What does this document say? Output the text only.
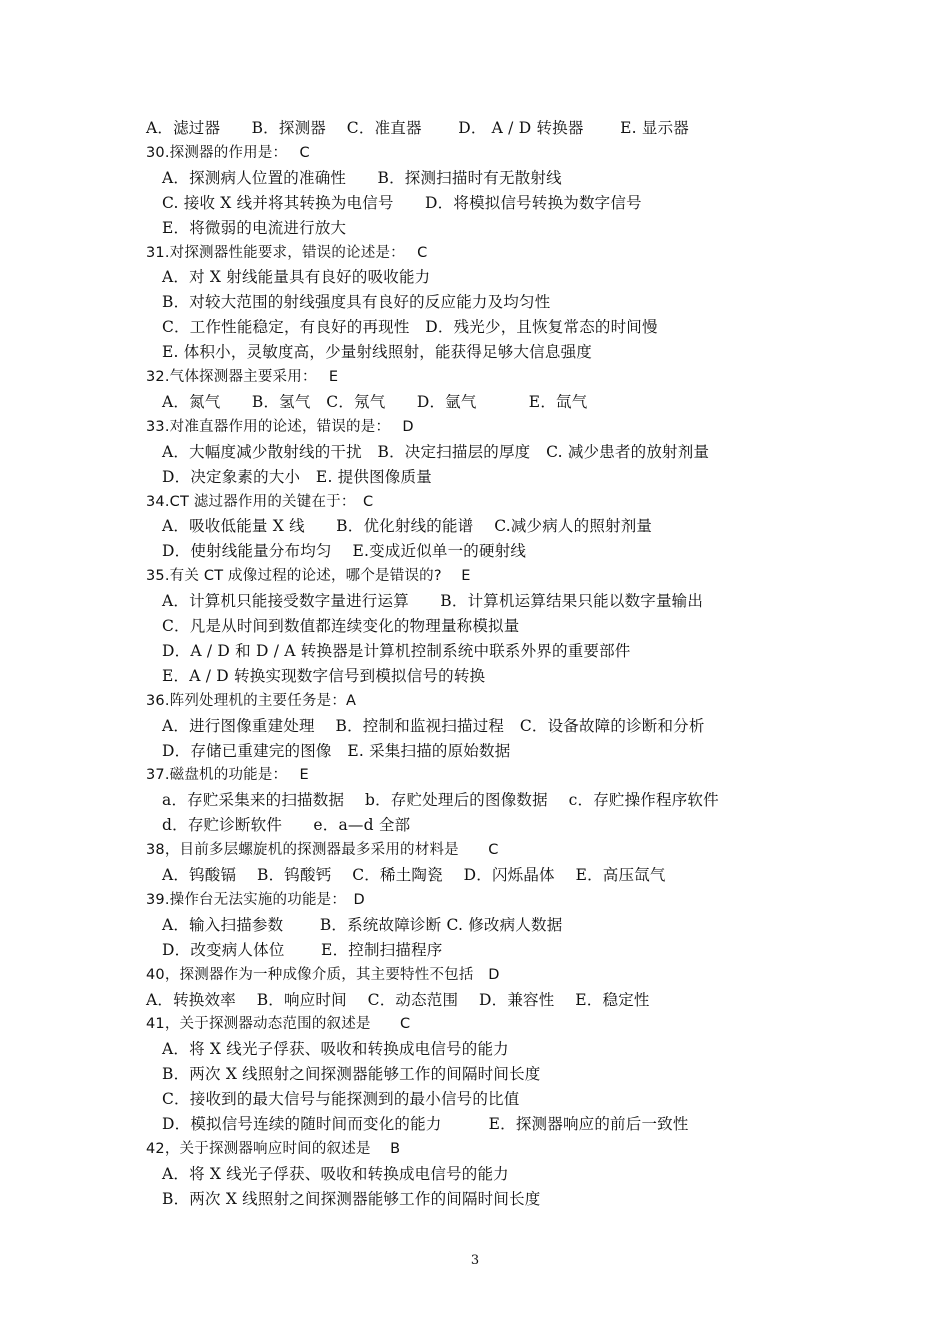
A．滤过器　　B．探测器　 C．准直器　　 D． A / D 转换器　　 E. 显示器
30.探测器的作用是：　 C
A．探测病人位置的准确性　　B．探测扫描时有无散射线
C. 接收 X 线并将其转换为电信号　　D．将模拟信号转换为数字信号
E．将微弱的电流进行放大
31.对探测器性能要求，错误的论述是：　 C
A．对 X 射线能量具有良好的吸收能力
B．对较大范围的射线强度具有良好的反应能力及均匀性
C．工作性能稳定，有良好的再现性　D．残光少，且恢复常态的时间慢
E. 体积小，灵敏度高，少量射线照射，能获得足够大信息强度
32.气体探测器主要采用：　 E
A．氮气　　B．氢气　C．氖气　　D．氩气　　　 E．氙气
33.对准直器作用的论述，错误的是：　 D
A．大幅度减少散射线的干扰　B．决定扫描层的厚度　C. 减少患者的放射剂量
D．决定象素的大小　E. 提供图像质量
34.CT 滤过器作用的关键在于：　C
A．吸收低能量 X 线　　B．优化射线的能谱　 C.减少病人的照射剂量
D．使射线能量分布均匀　 E.变成近似单一的硬射线
35.有关 CT 成像过程的论述，哪个是错误的?　 E
A．计算机只能接受数字量进行运算　　B．计算机运算结果只能以数字量输出
C．凡是从时间到数值都连续变化的物理量称模拟量
D．A / D 和 D / A 转换器是计算机控制系统中联系外界的重要部件
E．A / D 转换实现数字信号到模拟信号的转换
36.阵列处理机的主要任务是：A
A．进行图像重建处理　 B．控制和监视扫描过程　C．设备故障的诊断和分析
D．存储已重建完的图像　E. 采集扫描的原始数据
37.磁盘机的功能是：　 E
a．存贮采集来的扫描数据　 b．存贮处理后的图像数据　 c．存贮操作程序软件
d．存贮诊断软件　　e．a—d 全部
38，目前多层螺旋机的探测器最多采用的材料是　　C
A．钨酸镉　 B．钨酸钙　 C．稀土陶瓷　 D．闪烁晶体　 E．高压氙气
39.操作台无法实施的功能是：　D
A．输入扫描参数　　 B．系统故障诊断 C. 修改病人数据
D．改变病人体位　　 E．控制扫描程序
40，探测器作为一种成像介质，其主要特性不包括　D
A．转换效率　 B．响应时间　 C．动态范围　 D．兼容性　 E．稳定性
41，关于探测器动态范围的叙述是　　C
A．将 X 线光子俘获、吸收和转换成电信号的能力
B．两次 X 线照射之间探测器能够工作的间隔时间长度
C．接收到的最大信号与能探测到的最小信号的比值
D．模拟信号连续的随时间而变化的能力　　　E．探测器响应的前后一致性
42，关于探测器响应时间的叙述是　 B
A．将 X 线光子俘获、吸收和转换成电信号的能力
B．两次 X 线照射之间探测器能够工作的间隔时间长度
3
